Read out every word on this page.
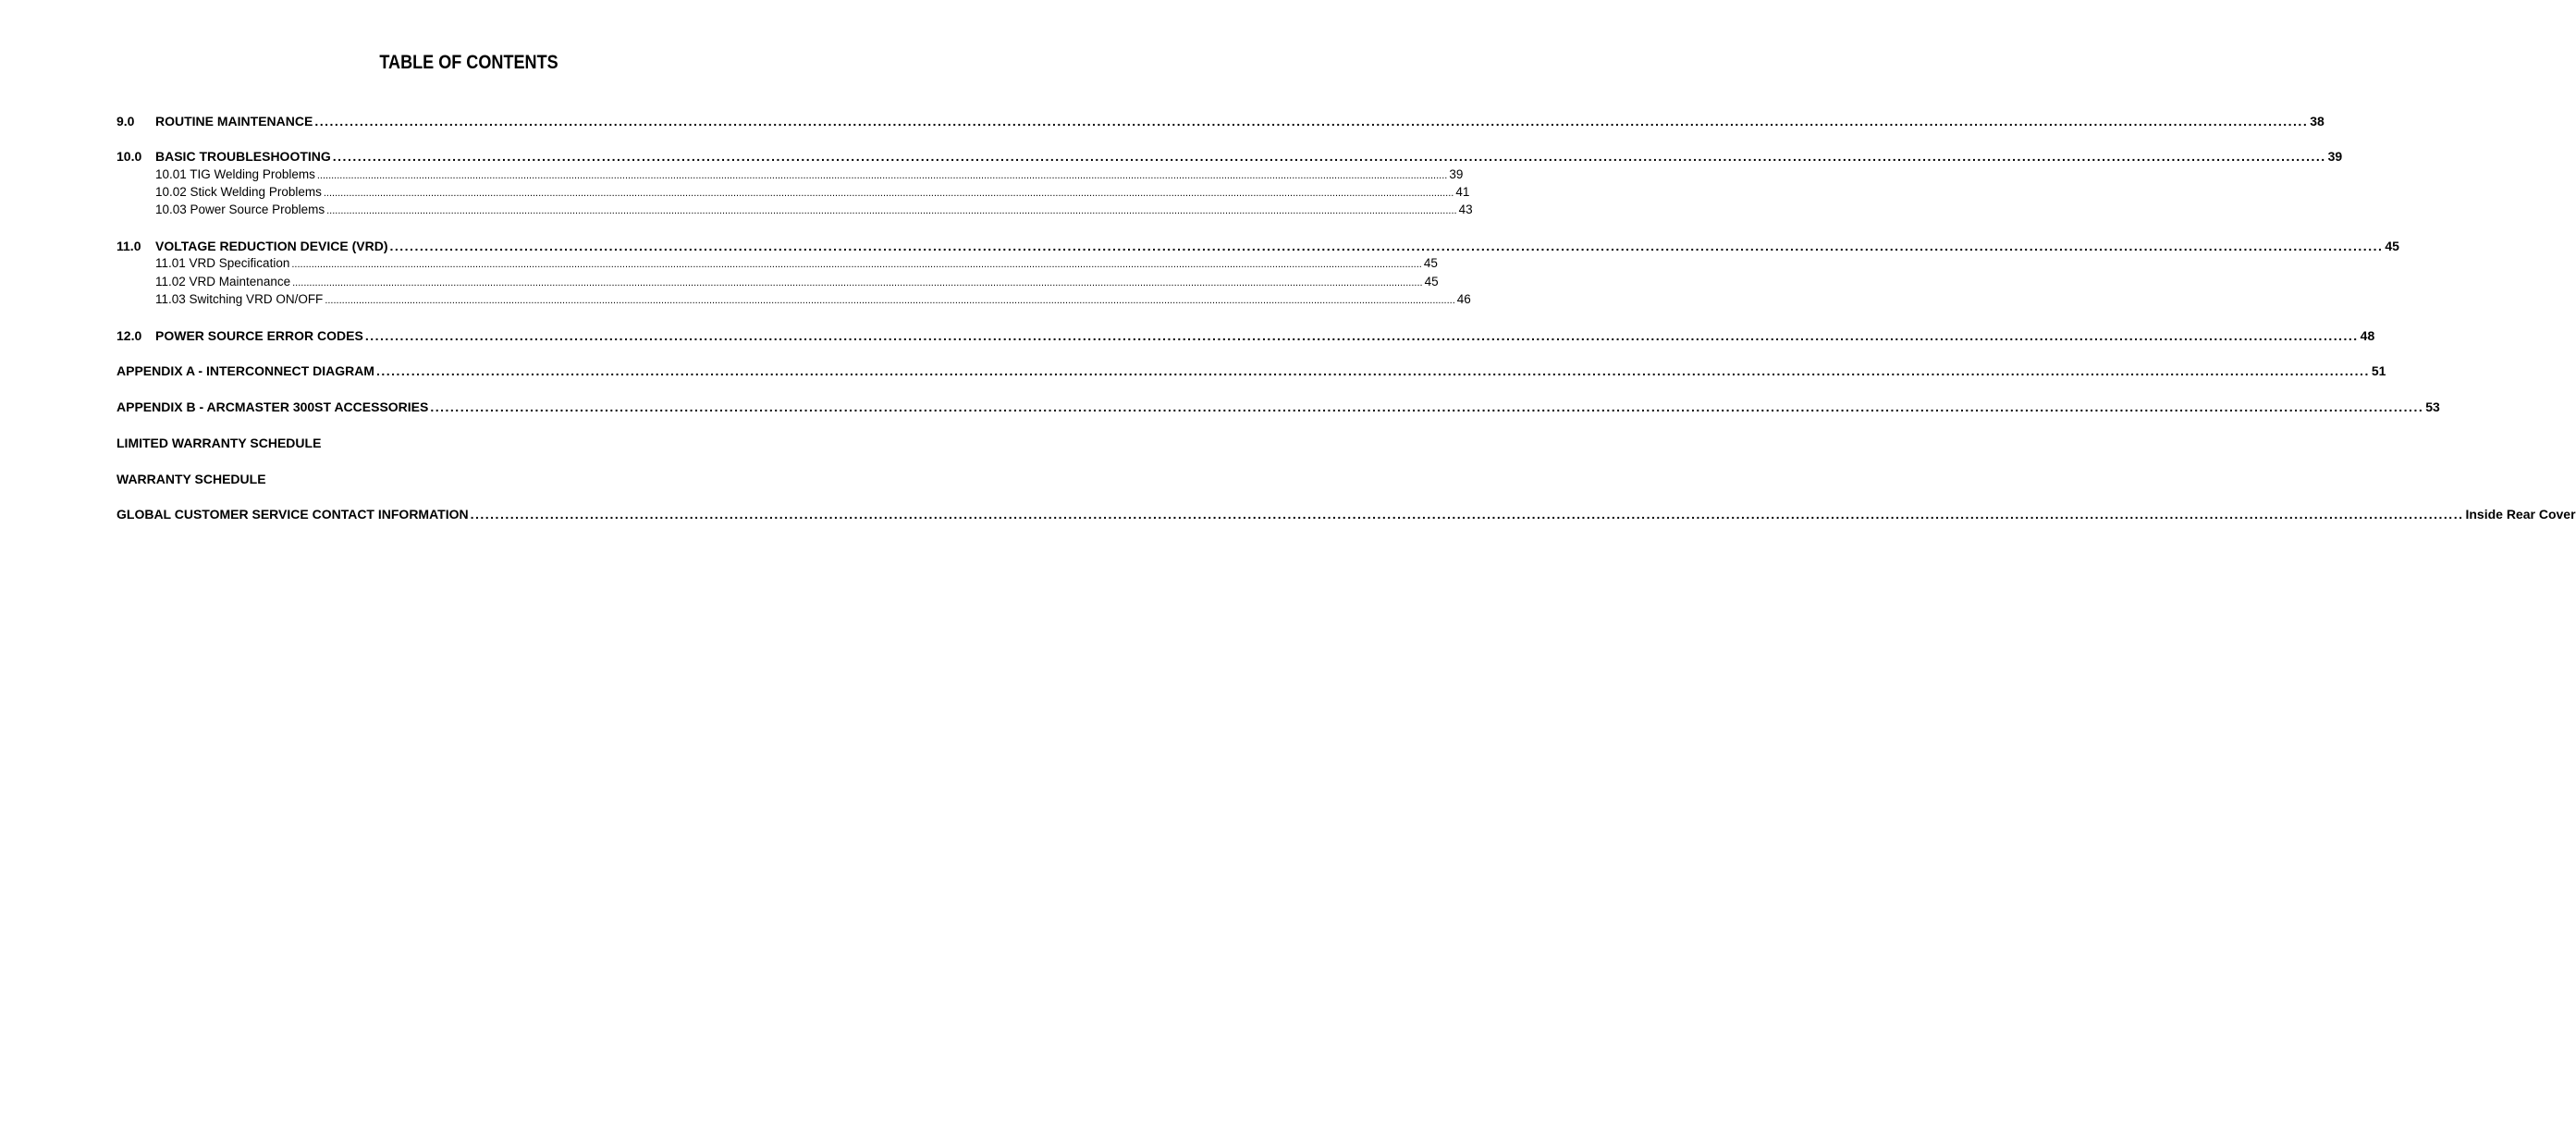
TABLE OF CONTENTS
9.0	ROUTINE MAINTENANCE ................................................................................................................................................................................................................................................................................................................................................................................................................ 38
10.0	BASIC TROUBLESHOOTING ................................................................................................................................................................................................................................................................................................................................................................................................................ 39
10.01 TIG Welding Problems ................................................................................................................................................................................................................................................................................................................................................................................................................ 39
10.02 Stick Welding Problems ................................................................................................................................................................................................................................................................................................................................................................................................................ 41
10.03 Power Source Problems ................................................................................................................................................................................................................................................................................................................................................................................................................ 43
11.0	VOLTAGE REDUCTION DEVICE (VRD) ................................................................................................................................................................................................................................................................................................................................................................................................................ 45
11.01 VRD Specification ................................................................................................................................................................................................................................................................................................................................................................................................................ 45
11.02 VRD Maintenance ................................................................................................................................................................................................................................................................................................................................................................................................................ 45
11.03 Switching VRD ON/OFF ................................................................................................................................................................................................................................................................................................................................................................................................................ 46
12.0	POWER SOURCE ERROR CODES ................................................................................................................................................................................................................................................................................................................................................................................................................ 48
APPENDIX A - INTERCONNECT DIAGRAM ................................................................................................................................................................................................................................................................................................................................................................................................................ 51
APPENDIX B - ARCMASTER 300ST ACCESSORIES ................................................................................................................................................................................................................................................................................................................................................................................................................ 53
LIMITED WARRANTY SCHEDULE
WARRANTY SCHEDULE
GLOBAL CUSTOMER SERVICE CONTACT INFORMATION ................................................................................................................................................................................................................................................................................................................................................................................................................ Inside Rear Cover
